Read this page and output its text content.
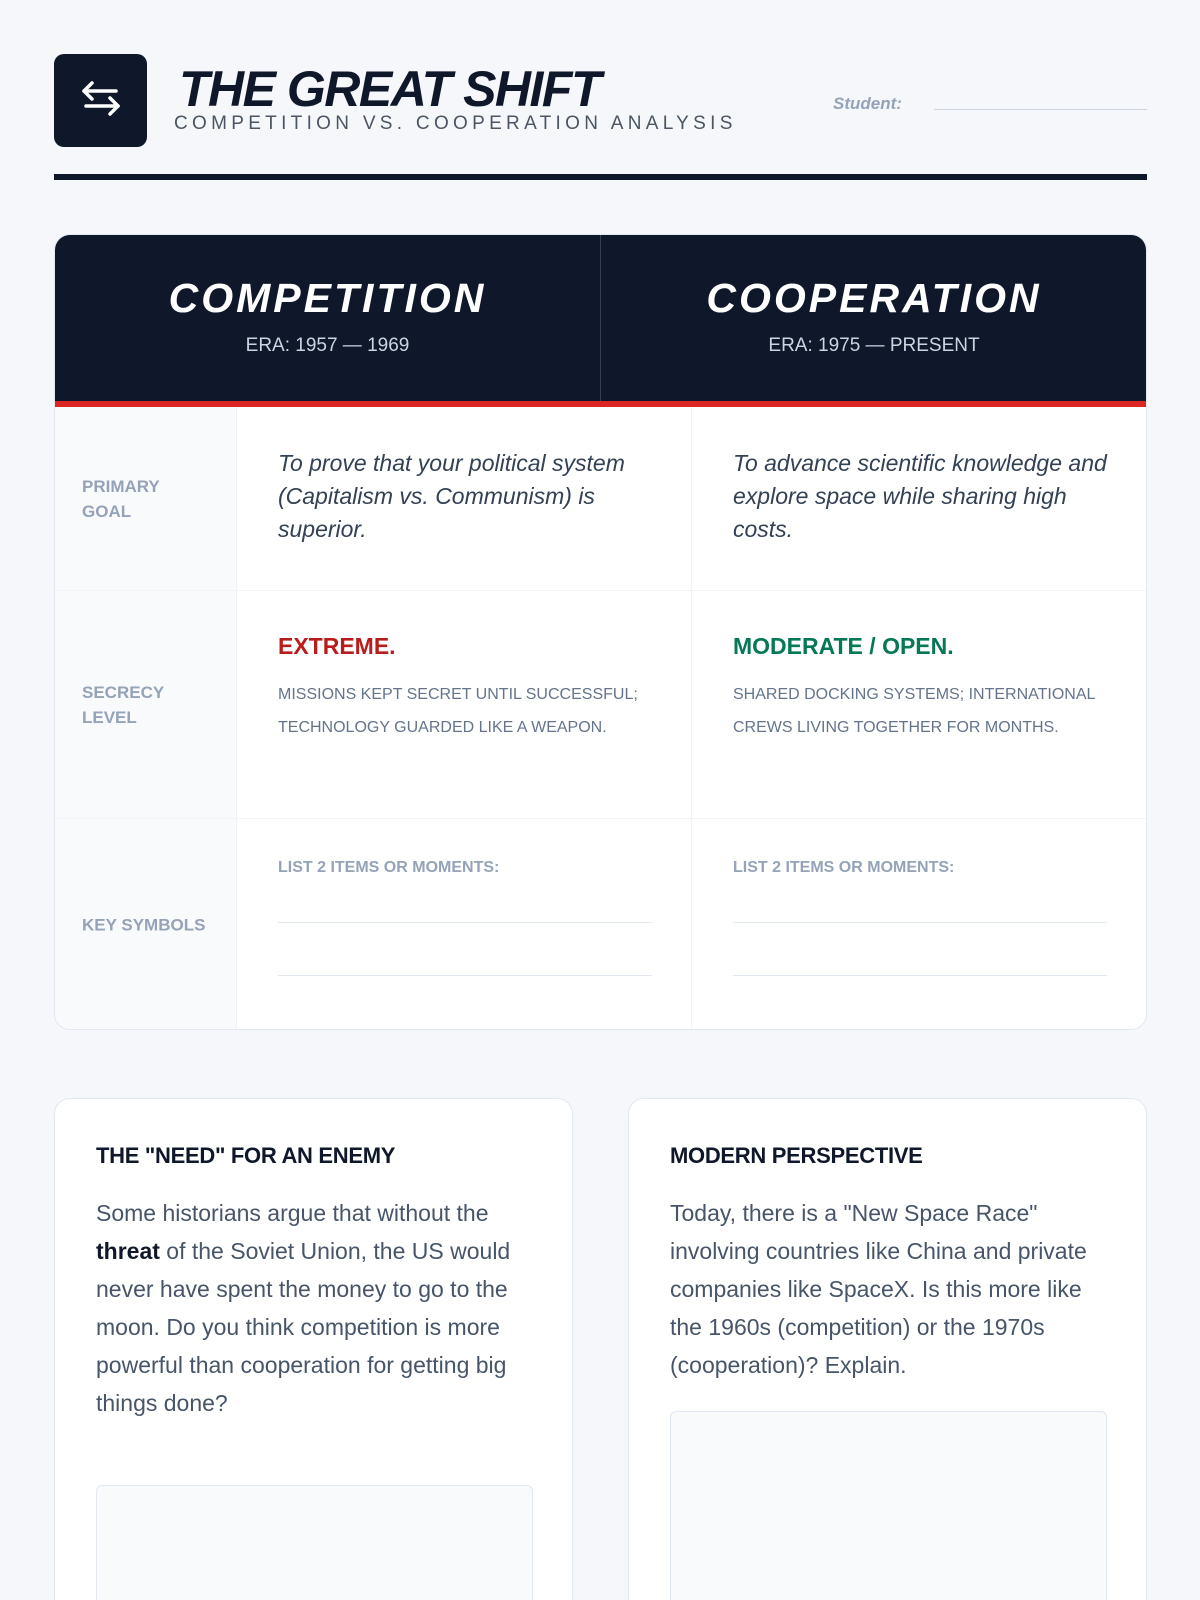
THE GREAT SHIFT
COMPETITION VS. COOPERATION ANALYSIS
Student:
COMPETITION
ERA: 1957 — 1969
COOPERATION
ERA: 1975 — PRESENT
PRIMARY GOAL
To prove that your political system (Capitalism vs. Communism) is superior.
To advance scientific knowledge and explore space while sharing high costs.
SECRECY LEVEL
EXTREME.
MISSIONS KEPT SECRET UNTIL SUCCESSFUL; TECHNOLOGY GUARDED LIKE A WEAPON.
MODERATE / OPEN.
SHARED DOCKING SYSTEMS; INTERNATIONAL CREWS LIVING TOGETHER FOR MONTHS.
KEY SYMBOLS
LIST 2 ITEMS OR MOMENTS:	LIST 2 ITEMS OR MOMENTS:
THE "NEED" FOR AN ENEMY
Some historians argue that without the threat of the Soviet Union, the US would never have spent the money to go to the moon. Do you think competition is more powerful than cooperation for getting big things done?
MODERN PERSPECTIVE
Today, there is a "New Space Race" involving countries like China and private companies like SpaceX. Is this more like the 1960s (competition) or the 1970s (cooperation)? Explain.
